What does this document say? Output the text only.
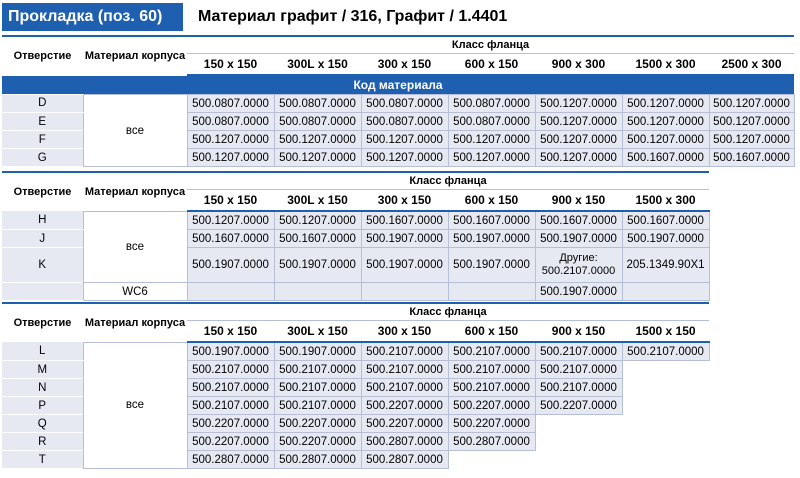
Прокладка (поз. 60)	Материал графит / 316, Графит / 1.4401
Отверстие	Материал корпуса	Класс фланца						
		150 x 150	300L x 150	300 x 150	600 x 150	900 x 300	1500 x 300	2500 x 300
Код материала								
D	все	500.0807.0000	500.0807.0000	500.0807.0000	500.0807.0000	500.1207.0000	500.1207.0000	500.1207.0000
E		500.0807.0000	500.0807.0000	500.0807.0000	500.0807.0000	500.1207.0000	500.1207.0000	500.1207.0000
F		500.1207.0000	500.1207.0000	500.1207.0000	500.1207.0000	500.1207.0000	500.1207.0000	500.1207.0000
G		500.1207.0000	500.1207.0000	500.1207.0000	500.1207.0000	500.1207.0000	500.1607.0000	500.1607.0000
Отверстие	Материал корпуса	Класс фланца					
		150 x 150	300L x 150	300 x 150	600 x 150	900 x 150	1500 x 300
H	все	500.1207.0000	500.1207.0000	500.1607.0000	500.1607.0000	500.1607.0000	500.1607.0000
J		500.1607.0000	500.1607.0000	500.1907.0000	500.1907.0000	500.1907.0000	500.1907.0000
K		500.1907.0000	500.1907.0000	500.1907.0000	500.1907.0000	Другие: 500.2107.0000	205.1349.90X1
	WC6					500.1907.0000	
Отверстие	Материал корпуса	Класс фланца					
		150 x 150	300L x 150	300 x 150	600 x 150	900 x 150	1500 x 150
L	все	500.1907.0000	500.1907.0000	500.2107.0000	500.2107.0000	500.2107.0000	500.2107.0000
M		500.2107.0000	500.2107.0000	500.2107.0000	500.2107.0000	500.2107.0000	
N		500.2107.0000	500.2107.0000	500.2107.0000	500.2107.0000	500.2107.0000	
P		500.2107.0000	500.2107.0000	500.2207.0000	500.2207.0000	500.2207.0000	
Q		500.2207.0000	500.2207.0000	500.2207.0000	500.2207.0000		
R		500.2207.0000	500.2207.0000	500.2807.0000	500.2807.0000		
T		500.2807.0000	500.2807.0000	500.2807.0000			
